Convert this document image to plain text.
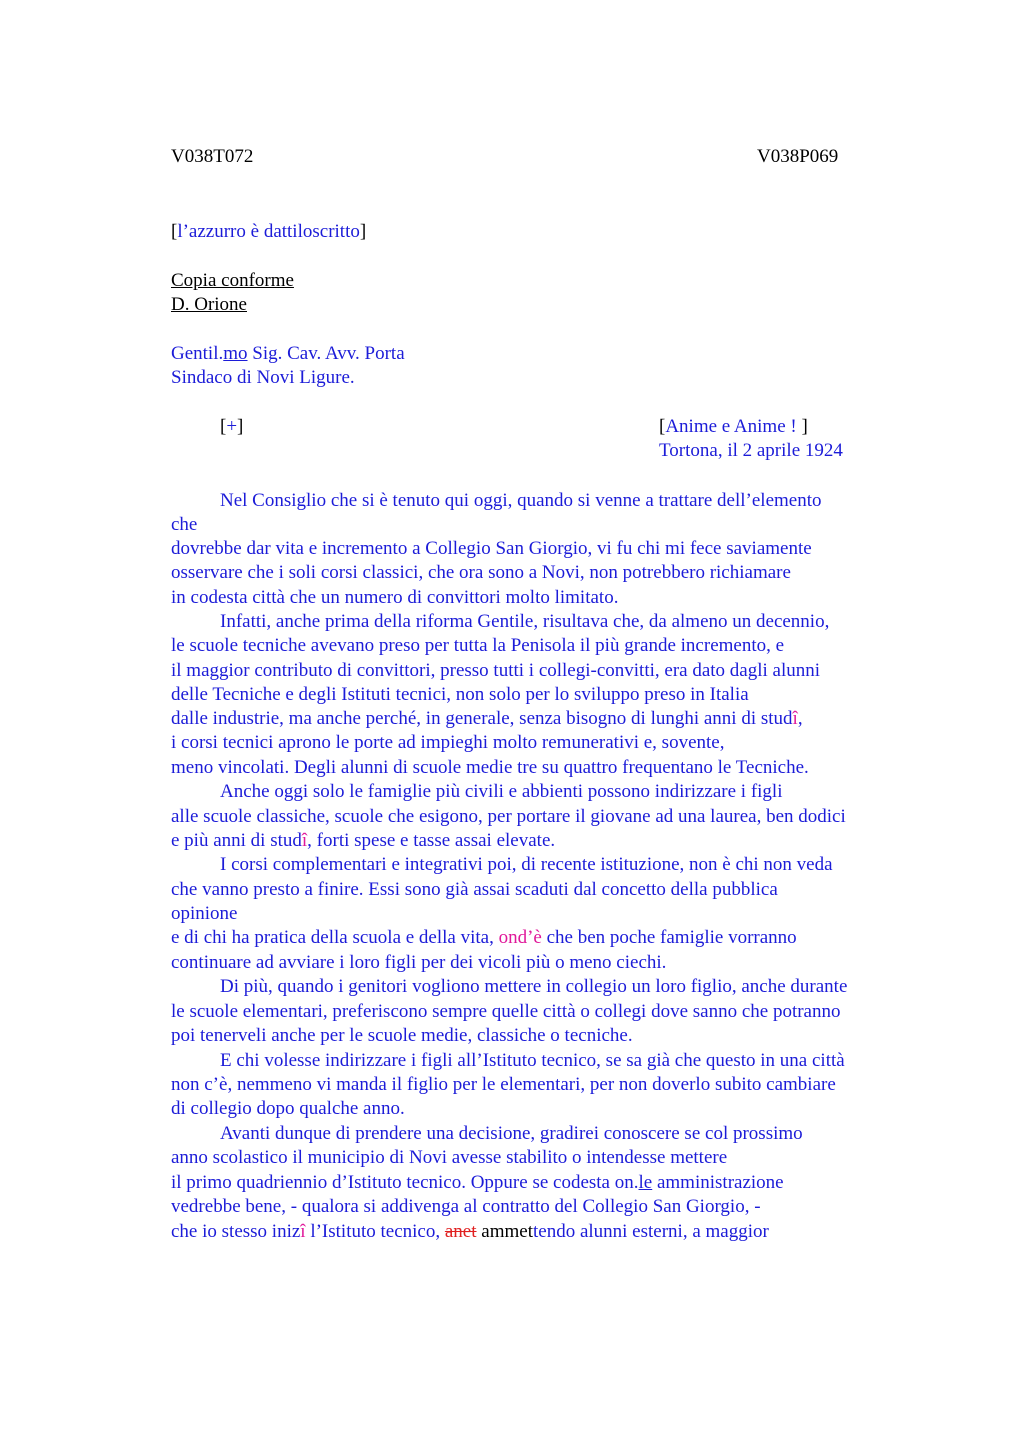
V038T072	V038P069
[l’azzurro è dattiloscritto]
Copia conforme
D. Orione
Gentil.mo Sig. Cav. Avv. Porta
Sindaco di Novi Ligure.
[+]	[Anime e Anime ! ]
Tortona, il 2 aprile 1924
Nel Consiglio che si è tenuto qui oggi, quando si venne a trattare dell’elemento
che
dovrebbe dar vita e incremento a Collegio San Giorgio, vi fu chi mi fece saviamente
osservare che i soli corsi classici, che ora sono a Novi, non potrebbero richiamare
in codesta città che un numero di convittori molto limitato.
Infatti, anche prima della riforma Gentile, risultava che, da almeno un decennio,
le scuole tecniche avevano preso per tutta la Penisola il più grande incremento, e
il maggior contributo di convittori, presso tutti i collegi-convitti, era dato dagli alunni
delle Tecniche e degli Istituti tecnici, non solo per lo sviluppo preso in Italia
dalle industrie, ma anche perché, in generale, senza bisogno di lunghi anni di studî,
i corsi tecnici aprono le porte ad impieghi molto remunerativi e, sovente,
meno vincolati. Degli alunni di scuole medie tre su quattro frequentano le Tecniche.
Anche oggi solo le famiglie più civili e abbienti possono indirizzare i figli
alle scuole classiche, scuole che esigono, per portare il giovane ad una laurea, ben dodici
e più anni di studî, forti spese e tasse assai elevate.
I corsi complementari e integrativi poi, di recente istituzione, non è chi non veda
che vanno presto a finire. Essi sono già assai scaduti dal concetto della pubblica
opinione
e di chi ha pratica della scuola e della vita, ond’è che ben poche famiglie vorranno
continuare ad avviare i loro figli per dei vicoli più o meno ciechi.
Di più, quando i genitori vogliono mettere in collegio un loro figlio, anche durante
le scuole elementari, preferiscono sempre quelle città o collegi dove sanno che potranno
poi tenerveli anche per le scuole medie, classiche o tecniche.
E chi volesse indirizzare i figli all’Istituto tecnico, se sa già che questo in una città
non c’è, nemmeno vi manda il figlio per le elementari, per non doverlo subito cambiare
di collegio dopo qualche anno.
Avanti dunque di prendere una decisione, gradirei conoscere se col prossimo
anno scolastico il municipio di Novi avesse stabilito o intendesse mettere
il primo quadriennio d’Istituto tecnico. Oppure se codesta on.le amministrazione
vedrebbe bene, - qualora si addivenga al contratto del Collegio San Giorgio, -
che io stesso inizî l’Istituto tecnico, anet ammettendo alunni esterni, a maggior
